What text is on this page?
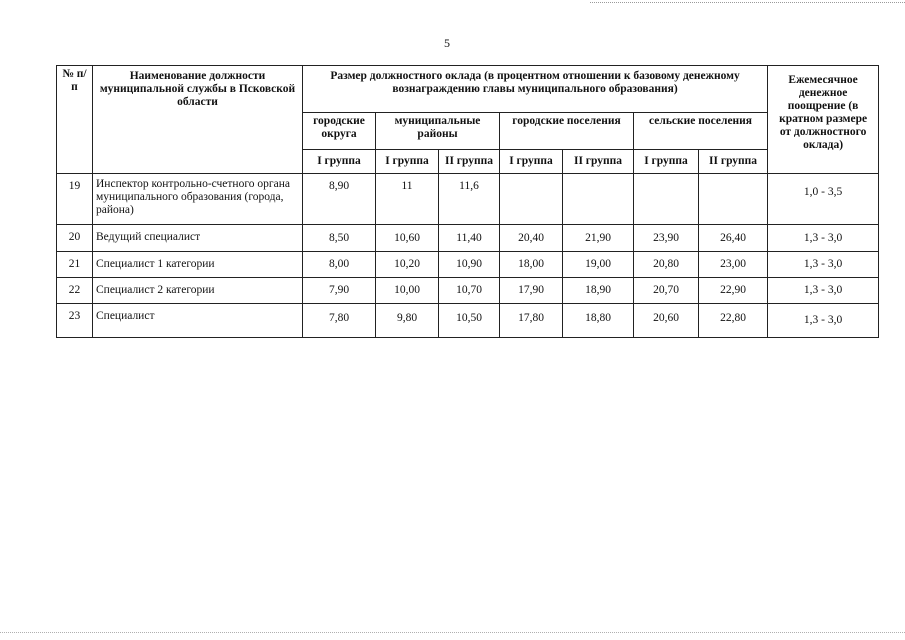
5
№ п/п	Наименование должности муниципальной службы в Псковской области	Размер должностного оклада (в процентном отношении к базовому денежному вознаграждению главы муниципального образования)							Ежемесячное денежное поощрение (в кратном размере от должностного оклада)
		городские округа	муниципальные районы		городские поселения		сельские поселения		
		I группа	I группа	II группа	I группа	II группа	I группа	II группа	
19	Инспектор контрольно-счетного органа муниципального образования (города, района)	8,90	11	11,6					1,0 - 3,5
20	Ведущий специалист	8,50	10,60	11,40	20,40	21,90	23,90	26,40	1,3 - 3,0
21	Специалист 1 категории	8,00	10,20	10,90	18,00	19,00	20,80	23,00	1,3 - 3,0
22	Специалист 2 категории	7,90	10,00	10,70	17,90	18,90	20,70	22,90	1,3 - 3,0
23	Специалист	7,80	9,80	10,50	17,80	18,80	20,60	22,80	1,3 - 3,0
